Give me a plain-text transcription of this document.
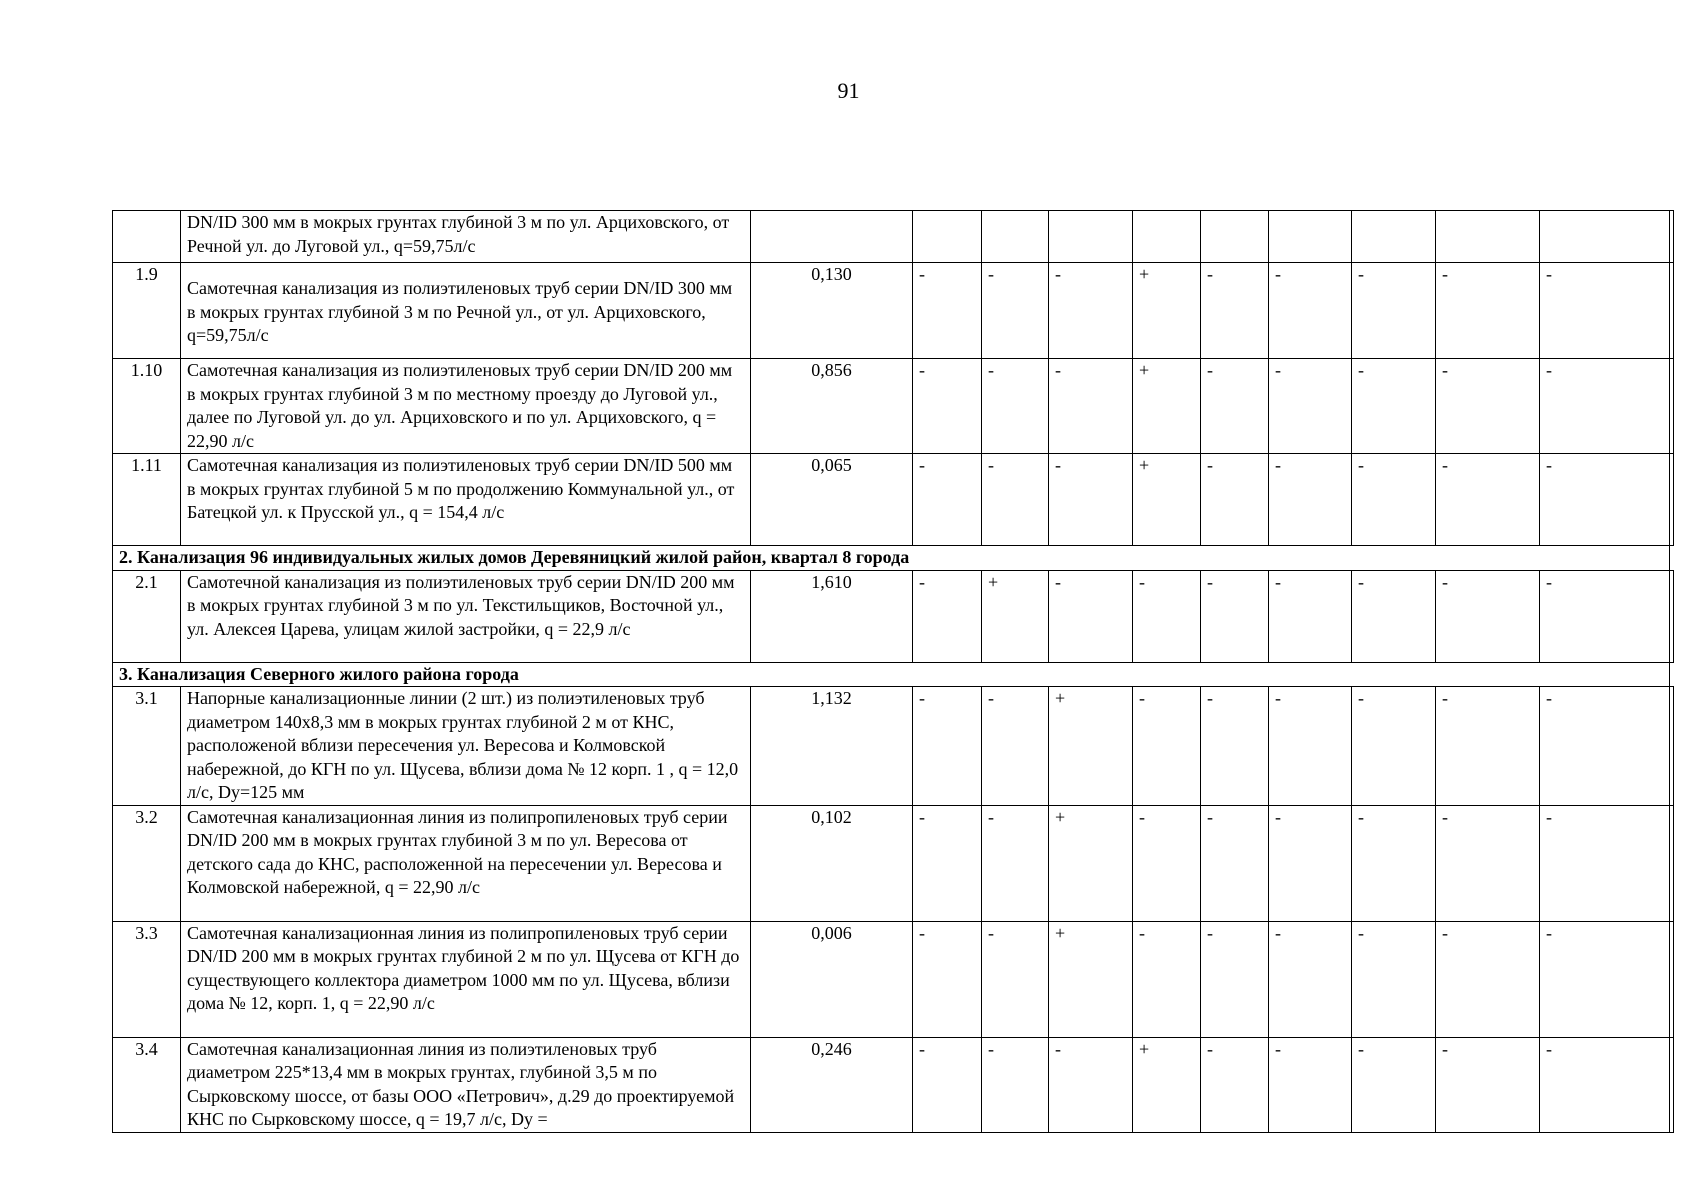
91
	DN/ID 300 мм в мокрых грунтах глубиной 3 м по ул. Арциховского, от Речной ул. до Луговой ул., q=59,75л/с											
1.9	Самотечная канализация из полиэтиленовых труб серии DN/ID 300 мм в мокрых грунтах глубиной 3 м по Речной ул., от ул. Арциховского, q=59,75л/с	0,130	-	-	-	+	-	-	-	-	-	
1.10	Самотечная канализация из полиэтиленовых труб серии DN/ID 200 мм в мокрых грунтах глубиной 3 м по местному проезду до Луговой ул., далее по Луговой ул. до ул. Арциховского и по ул. Арциховского, q = 22,90 л/с	0,856	-	-	-	+	-	-	-	-	-	
1.11	Самотечная канализация из полиэтиленовых труб серии DN/ID 500 мм в мокрых грунтах глубиной 5 м по продолжению Коммунальной ул., от Батецкой ул. к Прусской ул., q = 154,4 л/с	0,065	-	-	-	+	-	-	-	-	-	
2. Канализация 96 индивидуальных жилых домов Деревяницкий жилой район, квартал 8 города												
2.1	Самотечной канализация из полиэтиленовых труб серии DN/ID 200 мм в мокрых грунтах глубиной 3 м по ул. Текстильщиков, Восточной ул., ул. Алексея Царева, улицам жилой застройки, q = 22,9 л/с	1,610	-	+	-	-	-	-	-	-	-	
3. Канализация Северного жилого района города												
3.1	Напорные канализационные линии (2 шт.) из полиэтиленовых труб диаметром 140х8,3 мм в мокрых грунтах глубиной 2 м от КНС, расположеной вблизи пересечения ул. Вересова и Колмовской набережной, до КГН по ул. Щусева, вблизи дома № 12 корп. 1 , q = 12,0 л/с, Dy=125 мм	1,132	-	-	+	-	-	-	-	-	-	
3.2	Самотечная канализационная линия из полипропиленовых труб серии DN/ID 200 мм в мокрых грунтах глубиной 3 м по ул. Вересова от детского сада до КНС, расположенной на пересечении ул. Вересова и Колмовской набережной, q = 22,90 л/с	0,102	-	-	+	-	-	-	-	-	-	
3.3	Самотечная канализационная линия из полипропиленовых труб серии DN/ID 200 мм в мокрых грунтах глубиной 2 м по ул. Щусева от КГН до существующего коллектора диаметром 1000 мм по ул. Щусева, вблизи дома № 12, корп. 1, q = 22,90 л/с	0,006	-	-	+	-	-	-	-	-	-	
3.4	Самотечная канализационная линия из полиэтиленовых труб диаметром 225*13,4 мм в мокрых грунтах, глубиной 3,5 м по Сырковскому шоссе, от базы ООО «Петрович», д.29 до проектируемой КНС по Сырковскому шоссе, q = 19,7 л/с, Dy =	0,246	-	-	-	+	-	-	-	-	-	
